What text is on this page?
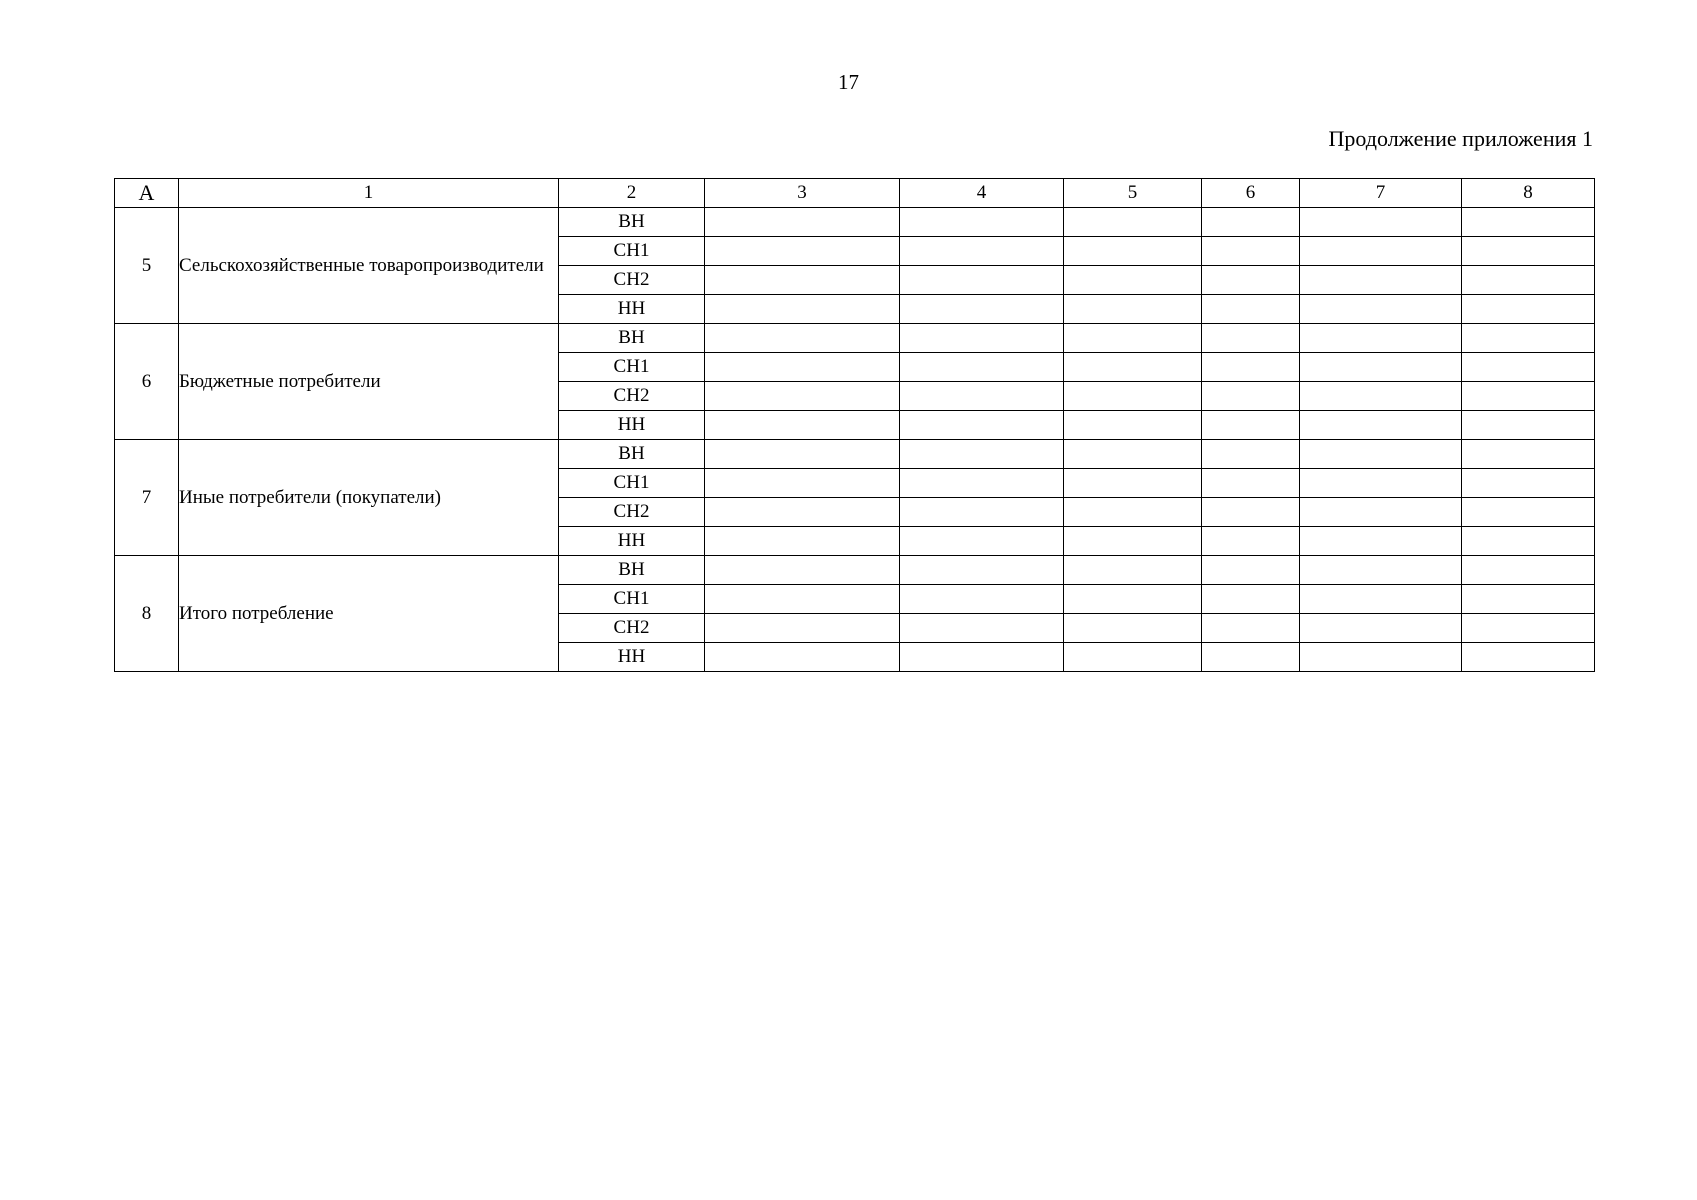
17
Продолжение приложения 1
А	1	2	3	4	5	6	7	8
5	Сельскохозяйственные товаропроизводители	ВН						
		СН1						
		СН2						
		НН						
6	Бюджетные потребители	ВН						
		СН1						
		СН2						
		НН						
7	Иные потребители (покупатели)	ВН						
		СН1						
		СН2						
		НН						
8	Итого потребление	ВН						
		СН1						
		СН2						
		НН						
